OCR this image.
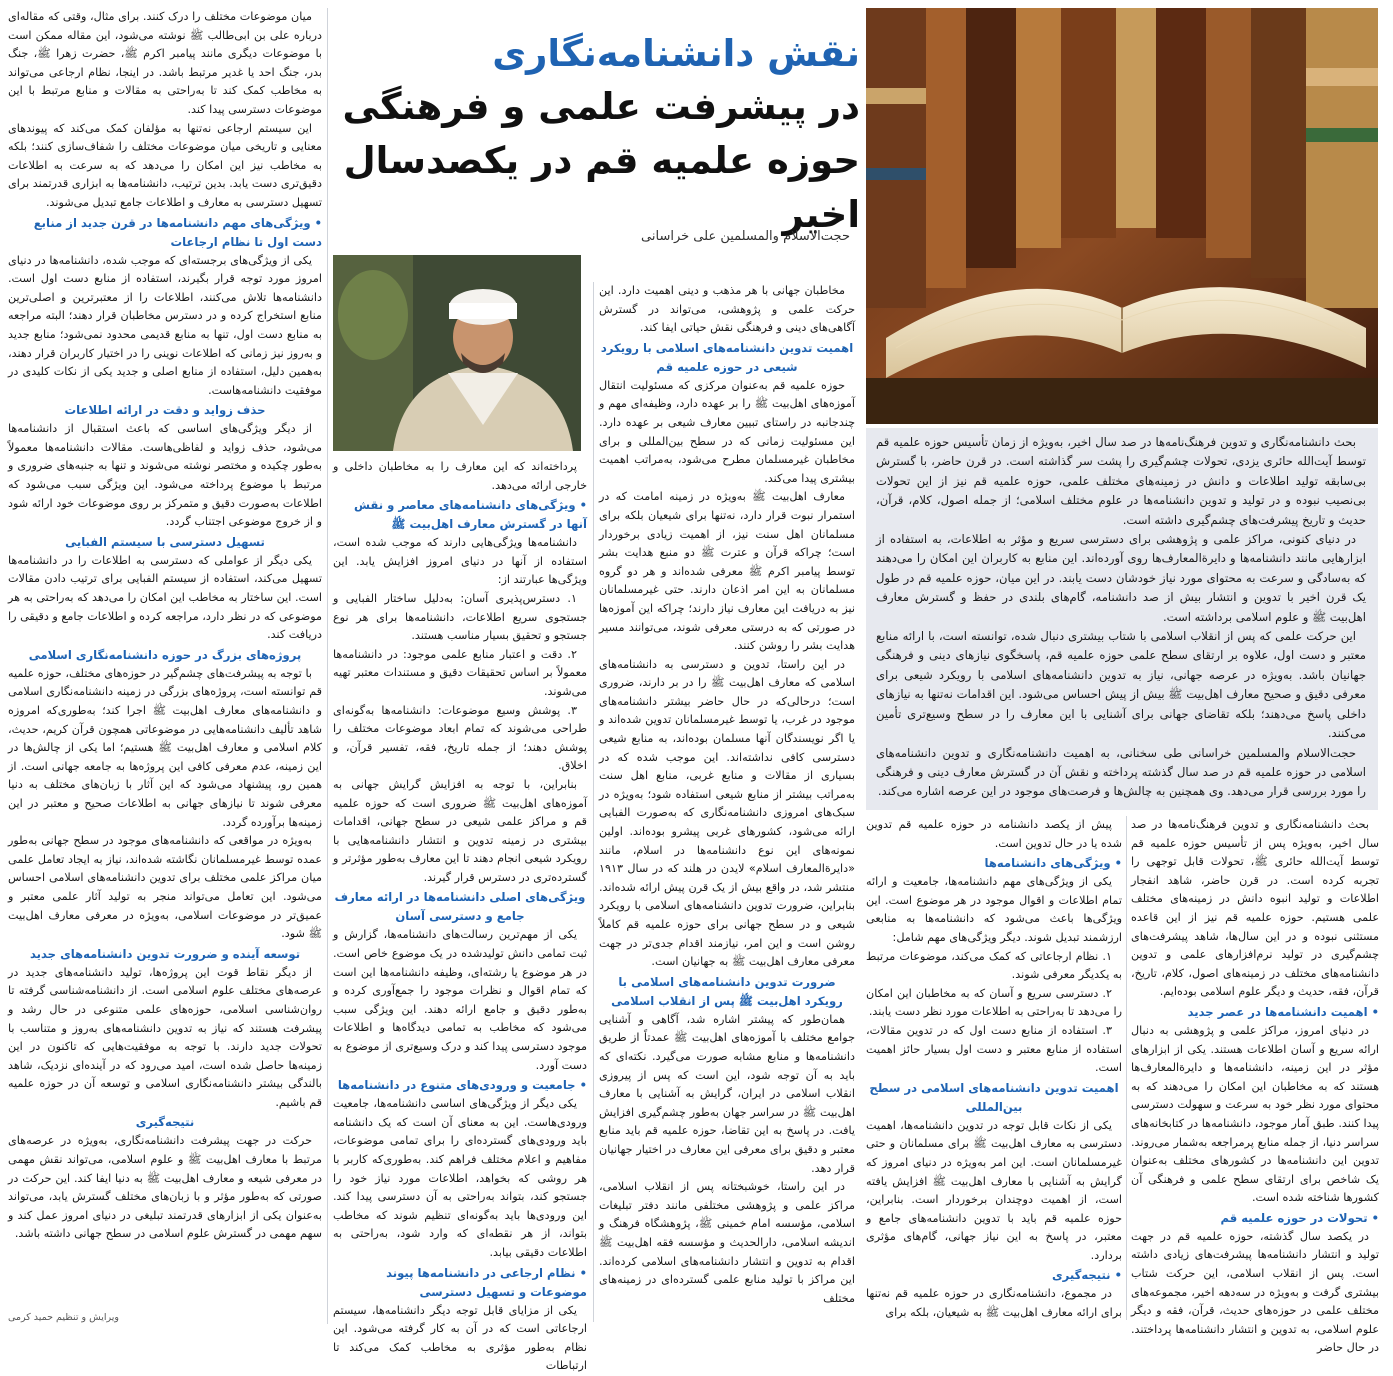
بحث دانشنامه‌نگاری و تدوین فرهنگ‌نامه‌ها در صد سال اخیر، به‌ویژه از زمان تأسیس حوزه علمیه قم توسط آیت‌الله حائری یزدی، تحولات چشم‌گیری را پشت سر گذاشته است. در قرن حاضر، با گسترش بی‌سابقه تولید اطلاعات و دانش در زمینه‌های مختلف علمی، حوزه علمیه قم نیز از این تحولات بی‌نصیب نبوده و در تولید و تدوین دانشنامه‌ها در علوم مختلف اسلامی؛ از جمله اصول، کلام، قرآن، حدیث و تاریخ پیشرفت‌های چشم‌گیری داشته است.

در دنیای کنونی، مراکز علمی و پژوهشی برای دسترسی سریع و مؤثر به اطلاعات، به استفاده از ابزارهایی مانند دانشنامه‌ها و دایرةالمعارف‌ها روی آورده‌اند. این منابع به کاربران این امکان را می‌دهند که به‌سادگی و سرعت به محتوای مورد نیاز خودشان دست یابند. در این میان، حوزه علمیه قم در طول یک قرن اخیر با تدوین و انتشار بیش از صد دانشنامه، گام‌های بلندی در حفظ و گسترش معارف اهل‌بیت ﷺ و علوم اسلامی برداشته است.

این حرکت علمی که پس از انقلاب اسلامی با شتاب بیشتری دنبال شده، توانسته است، با ارائه منابع معتبر و دست اول، علاوه بر ارتقای سطح علمی حوزه علمیه قم، پاسخگوی نیازهای دینی و فرهنگی جهانیان باشد. به‌ویژه در عرصه جهانی، نیاز به تدوین دانشنامه‌های اسلامی با رویکرد شیعی برای معرفی دقیق و صحیح معارف اهل‌بیت ﷺ بیش از پیش احساس می‌شود. این اقدامات نه‌تنها به نیازهای داخلی پاسخ می‌دهند؛ بلکه تقاضای جهانی برای آشنایی با این معارف را در سطح وسیع‌تری تأمین می‌کنند.

حجت‌الاسلام والمسلمین خراسانی طی سخنانی، به اهمیت دانشنامه‌نگاری و تدوین دانشنامه‌های اسلامی در حوزه علمیه قم در صد سال گذشته پرداخته و نقش آن در گسترش معارف دینی و فرهنگی را مورد بررسی قرار می‌دهد. وی همچنین به چالش‌ها و فرصت‌های موجود در این عرصه اشاره می‌کند.

نقش دانشنامه‌نگاری
در پیشرفت علمی و فرهنگی
حوزه علمیه قم در یکصدسال اخیر
حجت‌الاسلام والمسلمین علی خراسانی

بحث دانشنامه‌نگاری و تدوین فرهنگ‌نامه‌ها در صد سال اخیر، به‌ویژه پس از تأسیس حوزه علمیه قم توسط آیت‌الله حائری ﷺ، تحولات قابل توجهی را تجربه کرده است. در قرن حاضر، شاهد انفجار اطلاعات و تولید انبوه دانش در زمینه‌های مختلف علمی هستیم. حوزه علمیه قم نیز از این قاعده مستثنی نبوده و در این سال‌ها، شاهد پیشرفت‌های چشم‌گیری در تولید نرم‌افزارهای علمی و تدوین دانشنامه‌های مختلف در زمینه‌های اصول، کلام، تاریخ، قرآن، فقه، حدیث و دیگر علوم اسلامی بوده‌ایم.

• اهمیت دانشنامه‌ها در عصر جدید

در دنیای امروز، مراکز علمی و پژوهشی به دنبال ارائه سریع و آسان اطلاعات هستند. یکی از ابزارهای مؤثر در این زمینه، دانشنامه‌ها و دایرةالمعارف‌ها هستند که به مخاطبان این امکان را می‌دهند که به محتوای مورد نظر خود به سرعت و سهولت دسترسی پیدا کنند. طبق آمار موجود، دانشنامه‌ها در کتابخانه‌های سراسر دنیا، از جمله منابع پرمراجعه به‌شمار می‌روند. تدوین این دانشنامه‌ها در کشورهای مختلف به‌عنوان یک شاخص برای ارتقای سطح علمی و فرهنگی آن کشورها شناخته شده است.

• تحولات در حوزه علمیه قم

در یکصد سال گذشته، حوزه علمیه قم در جهت تولید و انتشار دانشنامه‌ها پیشرفت‌های زیادی داشته است. پس از انقلاب اسلامی، این حرکت شتاب بیشتری گرفت و به‌ویژه در سه‌دهه اخیر، مجموعه‌های مختلف علمی در حوزه‌های حدیث، قرآن، فقه و دیگر علوم اسلامی، به تدوین و انتشار دانشنامه‌ها پرداختند. در حال حاضر

پیش از یکصد دانشنامه در حوزه علمیه قم تدوین شده یا در حال تدوین است.

• ویژگی‌های دانشنامه‌ها

یکی از ویژگی‌های مهم دانشنامه‌ها، جامعیت و ارائه تمام اطلاعات و اقوال موجود در هر موضوع است. این ویژگی‌ها باعث می‌شود که دانشنامه‌ها به منابعی ارزشمند تبدیل شوند. دیگر ویژگی‌های مهم شامل:

۱. نظام ارجاعاتی که کمک می‌کند، موضوعات مرتبط به یکدیگر معرفی شوند.

۲. دسترسی سریع و آسان که به مخاطبان این امکان را می‌دهد تا به‌راحتی به اطلاعات مورد نظر دست یابند.

۳. استفاده از منابع دست اول که در تدوین مقالات، استفاده از منابع معتبر و دست اول بسیار حائز اهمیت است.

اهمیت تدوین دانشنامه‌های اسلامی در سطح بین‌المللی

یکی از نکات قابل توجه در تدوین دانشنامه‌ها، اهمیت دسترسی به معارف اهل‌بیت ﷺ برای مسلمانان و حتی غیرمسلمانان است. این امر به‌ویژه در دنیای امروز که گرایش به آشنایی با معارف اهل‌بیت ﷺ افزایش یافته است، از اهمیت دوچندان برخوردار است. بنابراین، حوزه علمیه قم باید با تدوین دانشنامه‌های جامع و معتبر، در پاسخ به این نیاز جهانی، گام‌های مؤثری بردارد.

• نتیجه‌گیری

در مجموع، دانشنامه‌نگاری در حوزه علمیه قم نه‌تنها برای ارائه معارف اهل‌بیت ﷺ به شیعیان، بلکه برای

مخاطبان جهانی با هر مذهب و دینی اهمیت دارد. این حرکت علمی و پژوهشی، می‌تواند در گسترش آگاهی‌های دینی و فرهنگی نقش حیاتی ایفا کند.

اهمیت تدوین دانشنامه‌های اسلامی با رویکرد شیعی در حوزه علمیه قم

حوزه علمیه قم به‌عنوان مرکزی که مسئولیت انتقال آموزه‌های اهل‌بیت ﷺ را بر عهده دارد، وظیفه‌ای مهم و چندجانبه در راستای تبیین معارف شیعی بر عهده دارد. این مسئولیت زمانی که در سطح بین‌المللی و برای مخاطبان غیرمسلمان مطرح می‌شود، به‌مراتب اهمیت بیشتری پیدا می‌کند.

معارف اهل‌بیت ﷺ به‌ویژه در زمینه امامت که در استمرار نبوت قرار دارد، نه‌تنها برای شیعیان بلکه برای مسلمانان اهل سنت نیز، از اهمیت زیادی برخوردار است؛ چراکه قرآن و عترت ﷺ دو منبع هدایت بشر توسط پیامبر اکرم ﷺ معرفی شده‌اند و هر دو گروه مسلمانان به این امر اذعان دارند. حتی غیرمسلمانان نیز به دریافت این معارف نیاز دارند؛ چراکه این آموزه‌ها در صورتی که به درستی معرفی شوند، می‌توانند مسیر هدایت بشر را روشن کنند.

در این راستا، تدوین و دسترسی به دانشنامه‌های اسلامی که معارف اهل‌بیت ﷺ را در بر دارند، ضروری است؛ درحالی‌که در حال حاضر بیشتر دانشنامه‌های موجود در غرب، یا توسط غیرمسلمانان تدوین شده‌اند و یا اگر نویسندگان آنها مسلمان بوده‌اند، به منابع شیعی دسترسی کافی نداشته‌اند. این موجب شده که در بسیاری از مقالات و منابع غربی، منابع اهل سنت به‌مراتب بیشتر از منابع شیعی استفاده شود؛ به‌ویژه در سبک‌های امروزی دانشنامه‌نگاری که به‌صورت الفبایی ارائه می‌شود، کشورهای غربی پیشرو بوده‌اند. اولین نمونه‌های این نوع دانشنامه‌ها در اسلام، مانند «دایرةالمعارف اسلام» لایدن در هلند که در سال ۱۹۱۳ منتشر شد، در واقع بیش از یک قرن پیش ارائه شده‌اند. بنابراین، ضرورت تدوین دانشنامه‌های اسلامی با رویکرد شیعی و در سطح جهانی برای حوزه علمیه قم کاملاً روشن است و این امر، نیازمند اقدام جدی‌تر در جهت معرفی معارف اهل‌بیت ﷺ به جهانیان است.

ضرورت تدوین دانشنامه‌های اسلامی با رویکرد اهل‌بیت ﷺ پس از انقلاب اسلامی

همان‌طور که پیشتر اشاره شد، آگاهی و آشنایی جوامع مختلف با آموزه‌های اهل‌بیت ﷺ عمدتاً از طریق دانشنامه‌ها و منابع مشابه صورت می‌گیرد. نکته‌ای که باید به آن توجه شود، این است که پس از پیروزی انقلاب اسلامی در ایران، گرایش به آشنایی با معارف اهل‌بیت ﷺ در سراسر جهان به‌طور چشم‌گیری افزایش یافت. در پاسخ به این تقاضا، حوزه علمیه قم باید منابع معتبر و دقیق برای معرفی این معارف در اختیار جهانیان قرار دهد.

در این راستا، خوشبختانه پس از انقلاب اسلامی، مراکز علمی و پژوهشی مختلفی مانند دفتر تبلیغات اسلامی، مؤسسه امام خمینی ﷺ، پژوهشگاه فرهنگ و اندیشه اسلامی، دارالحدیث و مؤسسه فقه اهل‌بیت ﷺ اقدام به تدوین و انتشار دانشنامه‌های اسلامی کرده‌اند. این مراکز با تولید منابع علمی گسترده‌ای در زمینه‌های مختلف

پرداخته‌اند که این معارف را به مخاطبان داخلی و خارجی ارائه می‌دهد.

• ویژگی‌های دانشنامه‌های معاصر و نقش آنها در گسترش معارف اهل‌بیت ﷺ

دانشنامه‌ها ویژگی‌هایی دارند که موجب شده است، استفاده از آنها در دنیای امروز افزایش یابد. این ویژگی‌ها عبارتند از:

۱. دسترس‌پذیری آسان: به‌دلیل ساختار الفبایی و جستجوی سریع اطلاعات، دانشنامه‌ها برای هر نوع جستجو و تحقیق بسیار مناسب هستند.

۲. دقت و اعتبار منابع علمی موجود: در دانشنامه‌ها معمولاً بر اساس تحقیقات دقیق و مستندات معتبر تهیه می‌شوند.

۳. پوشش وسیع موضوعات: دانشنامه‌ها به‌گونه‌ای طراحی می‌شوند که تمام ابعاد موضوعات مختلف را پوشش دهند؛ از جمله تاریخ، فقه، تفسیر قرآن، و اخلاق.

بنابراین، با توجه به افزایش گرایش جهانی به آموزه‌های اهل‌بیت ﷺ ضروری است که حوزه علمیه قم و مراکز علمی شیعی در سطح جهانی، اقدامات بیشتری در زمینه تدوین و انتشار دانشنامه‌هایی با رویکرد شیعی انجام دهند تا این معارف به‌طور مؤثرتر و گسترده‌تری در دسترس قرار گیرند.

ویژگی‌های اصلی دانشنامه‌ها در ارائه معارف جامع و دسترسی آسان

یکی از مهم‌ترین رسالت‌های دانشنامه‌ها، گزارش و ثبت تمامی دانش تولیدشده در یک موضوع خاص است. در هر موضوع یا رشته‌ای، وظیفه دانشنامه‌ها این است که تمام اقوال و نظرات موجود را جمع‌آوری کرده و به‌طور دقیق و جامع ارائه دهند. این ویژگی سبب می‌شود که مخاطب به تمامی دیدگاه‌ها و اطلاعات موجود دسترسی پیدا کند و درک وسیع‌تری از موضوع به دست آورد.

• جامعیت و ورودی‌های متنوع در دانشنامه‌ها

یکی دیگر از ویژگی‌های اساسی دانشنامه‌ها، جامعیت ورودی‌هاست. این به معنای آن است که یک دانشنامه باید ورودی‌های گسترده‌ای را برای تمامی موضوعات، مفاهیم و اعلام مختلف فراهم کند. به‌طوری‌که کاربر با هر روشی که بخواهد، اطلاعات مورد نیاز خود را جستجو کند، بتواند به‌راحتی به آن دسترسی پیدا کند. این ورودی‌ها باید به‌گونه‌ای تنظیم شوند که مخاطب بتواند، از هر نقطه‌ای که وارد شود، به‌راحتی به اطلاعات دقیقی بیابد.

• نظام ارجاعی در دانشنامه‌ها پیوند موضوعات و تسهیل دسترسی

یکی از مزایای قابل توجه دیگر دانشنامه‌ها، سیستم ارجاعاتی است که در آن به کار گرفته می‌شود. این نظام به‌طور مؤثری به مخاطب کمک می‌کند تا ارتباطات

میان موضوعات مختلف را درک کنند. برای مثال، وقتی که مقاله‌ای درباره علی بن ابی‌طالب ﷺ نوشته می‌شود، این مقاله ممکن است با موضوعات دیگری مانند پیامبر اکرم ﷺ، حضرت زهرا ﷺ، جنگ بدر، جنگ احد یا غدیر مرتبط باشد. در اینجا، نظام ارجاعی می‌تواند به مخاطب کمک کند تا به‌راحتی به مقالات و منابع مرتبط با این موضوعات دسترسی پیدا کند.

این سیستم ارجاعی نه‌تنها به مؤلفان کمک می‌کند که پیوندهای معنایی و تاریخی میان موضوعات مختلف را شفاف‌سازی کنند؛ بلکه به مخاطب نیز این امکان را می‌دهد که به سرعت به اطلاعات دقیق‌تری دست یابد. بدین ترتیب، دانشنامه‌ها به ابزاری قدرتمند برای تسهیل دسترسی به معارف و اطلاعات جامع تبدیل می‌شوند.

• ویژگی‌های مهم دانشنامه‌ها در قرن جدید از منابع دست اول تا نظام ارجاعات

یکی از ویژگی‌های برجسته‌ای که موجب شده، دانشنامه‌ها در دنیای امروز مورد توجه قرار بگیرند، استفاده از منابع دست اول است. دانشنامه‌ها تلاش می‌کنند، اطلاعات را از معتبرترین و اصلی‌ترین منابع استخراج کرده و در دسترس مخاطبان قرار دهند؛ البته مراجعه به منابع دست اول، تنها به منابع قدیمی محدود نمی‌شود؛ منابع جدید و به‌روز نیز زمانی که اطلاعات نوینی را در اختیار کاربران قرار دهند، به‌همین دلیل، استفاده از منابع اصلی و جدید یکی از نکات کلیدی در موفقیت دانشنامه‌هاست.

حذف زواید و دقت در ارائه اطلاعات

از دیگر ویژگی‌های اساسی که باعث استقبال از دانشنامه‌ها می‌شود، حذف زواید و لفاظی‌هاست. مقالات دانشنامه‌ها معمولاً به‌طور چکیده و مختصر نوشته می‌شوند و تنها به جنبه‌های ضروری و مرتبط با موضوع پرداخته می‌شود. این ویژگی سبب می‌شود که اطلاعات به‌صورت دقیق و متمرکز بر روی موضوعات خود ارائه شود و از خروج موضوعی اجتناب گردد.

تسهیل دسترسی با سیستم الفبایی

یکی دیگر از عواملی که دسترسی به اطلاعات را در دانشنامه‌ها تسهیل می‌کند، استفاده از سیستم الفبایی برای ترتیب دادن مقالات است. این ساختار به مخاطب این امکان را می‌دهد که به‌راحتی به هر موضوعی که در نظر دارد، مراجعه کرده و اطلاعات جامع و دقیقی را دریافت کند.

پروژه‌های بزرگ در حوزه دانشنامه‌نگاری اسلامی

با توجه به پیشرفت‌های چشم‌گیر در حوزه‌های مختلف، حوزه علمیه قم توانسته است، پروژه‌های بزرگی در زمینه دانشنامه‌نگاری اسلامی و دانشنامه‌های معارف اهل‌بیت ﷺ اجرا کند؛ به‌طوری‌که امروزه شاهد تألیف دانشنامه‌هایی در موضوعاتی همچون قرآن کریم، حدیث، کلام اسلامی و معارف اهل‌بیت ﷺ هستیم؛ اما یکی از چالش‌ها در این زمینه، عدم معرفی کافی این پروژه‌ها به جامعه جهانی است. از همین رو، پیشنهاد می‌شود که این آثار با زبان‌های مختلف به دنیا معرفی شوند تا نیازهای جهانی به اطلاعات صحیح و معتبر در این زمینه‌ها برآورده گردد.

به‌ویژه در مواقعی که دانشنامه‌های موجود در سطح جهانی به‌طور عمده توسط غیرمسلمانان نگاشته شده‌اند، نیاز به ایجاد تعامل علمی میان مراکز علمی مختلف برای تدوین دانشنامه‌های اسلامی احساس می‌شود. این تعامل می‌تواند منجر به تولید آثار علمی معتبر و عمیق‌تر در موضوعات اسلامی، به‌ویژه در معرفی معارف اهل‌بیت ﷺ شود.

توسعه آینده و ضرورت تدوین دانشنامه‌های جدید

از دیگر نقاط قوت این پروژه‌ها، تولید دانشنامه‌های جدید در عرصه‌های مختلف علوم اسلامی است. از دانشنامه‌شناسی گرفته تا روان‌شناسی اسلامی، حوزه‌های علمی متنوعی در حال رشد و پیشرفت هستند که نیاز به تدوین دانشنامه‌های به‌روز و متناسب با تحولات جدید دارند. با توجه به موفقیت‌هایی که تاکنون در این زمینه‌ها حاصل شده است، امید می‌رود که در آینده‌ای نزدیک، شاهد بالندگی بیشتر دانشنامه‌نگاری اسلامی و توسعه آن در حوزه علمیه قم باشیم.

نتیجه‌گیری

حرکت در جهت پیشرفت دانشنامه‌نگاری، به‌ویژه در عرصه‌های مرتبط با معارف اهل‌بیت ﷺ و علوم اسلامی، می‌تواند نقش مهمی در معرفی شیعه و معارف اهل‌بیت ﷺ به دنیا ایفا کند. این حرکت در صورتی که به‌طور مؤثر و با زبان‌های مختلف گسترش یابد، می‌تواند به‌عنوان یکی از ابزارهای قدرتمند تبلیغی در دنیای امروز عمل کند و سهم مهمی در گسترش علوم اسلامی در سطح جهانی داشته باشد.

ویرایش و تنظیم حمید کرمی
